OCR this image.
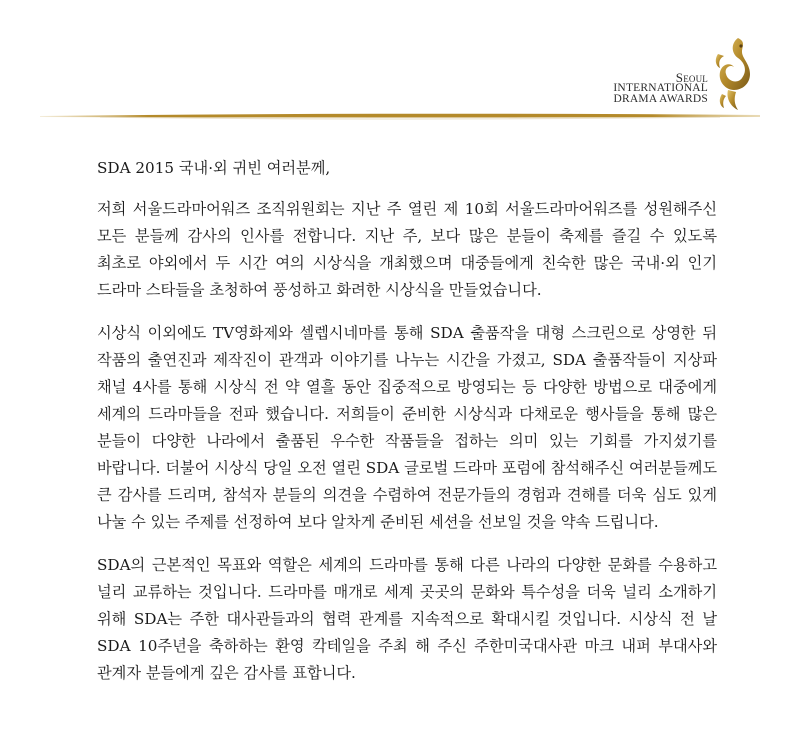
Seoul
INTERNATIONAL
DRAMA AWARDS

SDA 2015 국내·외 귀빈 여러분께,

저희 서울드라마어워즈 조직위원회는 지난 주 열린 제 10회 서울드라마어워즈를 성원해주신 모든 분들께 감사의 인사를 전합니다. 지난 주, 보다 많은 분들이 축제를 즐길 수 있도록 최초로 야외에서 두 시간 여의 시상식을 개최했으며 대중들에게 친숙한 많은 국내·외 인기 드라마 스타들을 초청하여 풍성하고 화려한 시상식을 만들었습니다.

시상식 이외에도 TV영화제와 셀렙시네마를 통해 SDA 출품작을 대형 스크린으로 상영한 뒤 작품의 출연진과 제작진이 관객과 이야기를 나누는 시간을 가졌고, SDA 출품작들이 지상파 채널 4사를 통해 시상식 전 약 열흘 동안 집중적으로 방영되는 등 다양한 방법으로 대중에게 세계의 드라마들을 전파 했습니다. 저희들이 준비한 시상식과 다채로운 행사들을 통해 많은 분들이 다양한 나라에서 출품된 우수한 작품들을 접하는 의미 있는 기회를 가지셨기를 바랍니다. 더불어 시상식 당일 오전 열린 SDA 글로벌 드라마 포럼에 참석해주신 여러분들께도 큰 감사를 드리며, 참석자 분들의 의견을 수렴하여 전문가들의 경험과 견해를 더욱 심도 있게 나눌 수 있는 주제를 선정하여 보다 알차게 준비된 세션을 선보일 것을 약속 드립니다.

SDA의 근본적인 목표와 역할은 세계의 드라마를 통해 다른 나라의 다양한 문화를 수용하고 널리 교류하는 것입니다. 드라마를 매개로 세계 곳곳의 문화와 특수성을 더욱 널리 소개하기 위해 SDA는 주한 대사관들과의 협력 관계를 지속적으로 확대시킬 것입니다. 시상식 전 날 SDA 10주년을 축하하는 환영 칵테일을 주최 해 주신 주한미국대사관 마크 내퍼 부대사와 관계자 분들에게 깊은 감사를 표합니다.
